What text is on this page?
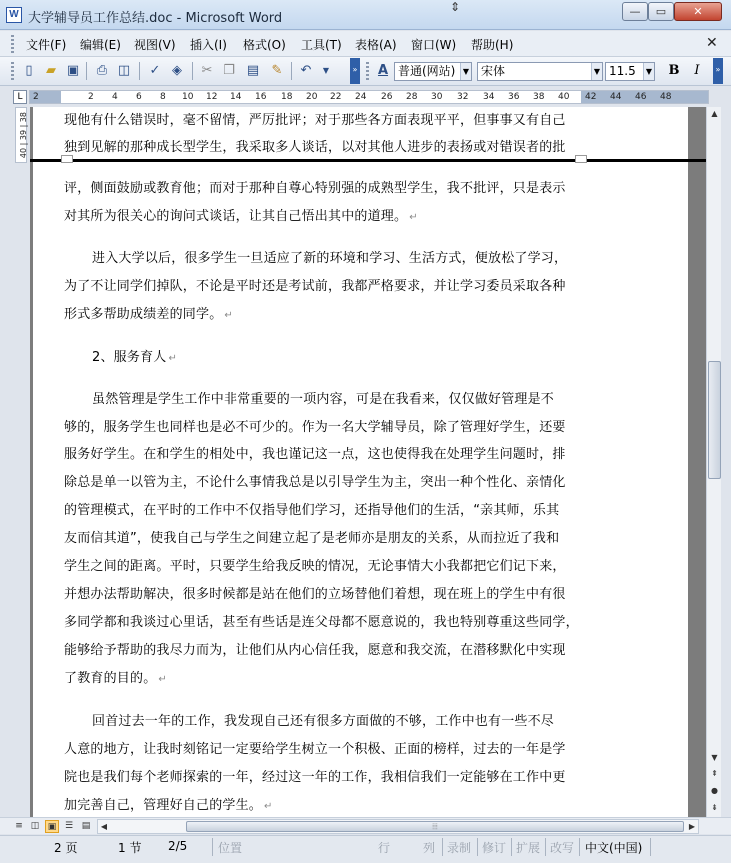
W 大学辅导员工作总结.doc - Microsoft Word
⇕	—	▭	✕
文件(F) 编辑(E) 视图(V) 插入(I) 格式(O) 工具(T) 表格(A) 窗口(W) 帮助(H)	✕
▯	▰ ▣ ⎙ ◫ ✓ ◈	✂ ❐ ▤ ✎ ↶	▼	»	A 普通(网站) ▼ 宋体	▼ 11.5	▼ B	I	»
L	2	2 4 6 8 10 12 14 16 18 20 22 24 26 28 30 32 34 36 38 40 42 44 46 48
40 | 39 | 38	现他有什么错误时，毫不留情，严厉批评；对于那些各方面表现平平，但事事又有自己
独到见解的那种成长型学生，我采取多人谈话，以对其他人进步的表扬或对错误者的批
评，侧面鼓励或教育他；而对于那种自尊心特别强的成熟型学生，我不批评，只是表示
对其所为很关心的询问式谈话，让其自己悟出其中的道理。 ↵
进入大学以后，很多学生一旦适应了新的环境和学习、生活方式，便放松了学习，
为了不让同学们掉队，不论是平时还是考试前，我都严格要求，并让学习委员采取各种
形式多帮助成绩差的同学。 ↵
2、服务育人 ↵
虽然管理是学生工作中非常重要的一项内容，可是在我看来，仅仅做好管理是不
够的，服务学生也同样也是必不可少的。作为一名大学辅导员，除了管理好学生，还要
服务好学生。在和学生的相处中，我也谨记这一点，这也使得我在处理学生问题时，排
除总是单一以管为主，不论什么事情我总是以引导学生为主，突出一种个性化、亲情化
的管理模式，在平时的工作中不仅指导他们学习，还指导他们的生活，“亲其师，乐其
友而信其道”，使我自己与学生之间建立起了是老师亦是朋友的关系，从而拉近了我和
学生之间的距离。平时，只要学生给我反映的情况，无论事情大小我都把它们记下来，
并想办法帮助解决，很多时候都是站在他们的立场替他们着想，现在班上的学生中有很
多同学都和我谈过心里话，甚至有些话是连父母都不愿意说的，我也特别尊重这些同学，
能够给予帮助的我尽力而为，让他们从内心信任我，愿意和我交流，在潜移默化中实现
了教育的目的。 ↵
回首过去一年的工作，我发现自己还有很多方面做的不够，工作中也有一些不尽
人意的地方，让我时刻铭记一定要给学生树立一个积极、正面的榜样，过去的一年是学
院也是我们每个老师探索的一年，经过这一年的工作，我相信我们一定能够在工作中更
加完善自己，管理好自己的学生。 ↵
▲
▼
⇞
●
⇟
≡ ◫ ▣ ☰ ▤	◀	⦙⦙⦙	▶
2 页	1 节 2/5	位置	行	列 录制 修订 扩展 改写 中文(中国)
